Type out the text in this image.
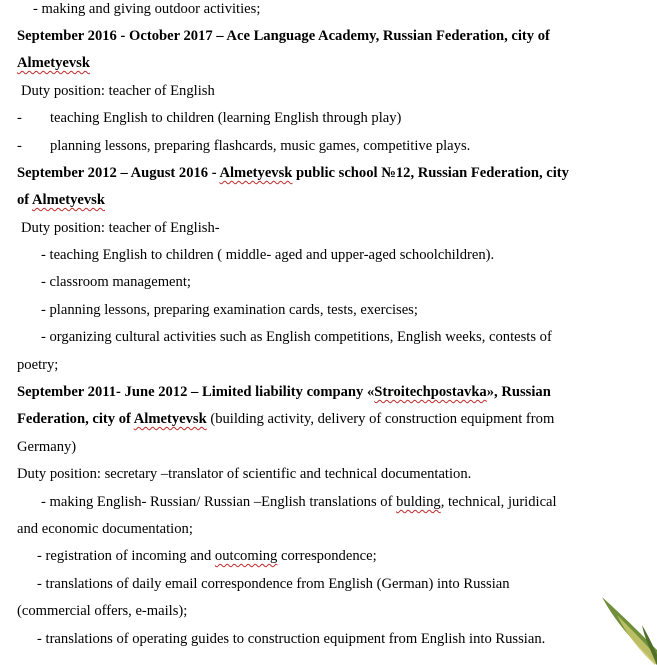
- making and giving outdoor activities;
September 2016 - October 2017 – Ace Language Academy, Russian Federation, city of
Almetyevsk
Duty position: teacher of English
- teaching English to children (learning English through play)
- planning lessons, preparing flashcards, music games, competitive plays.
September 2012 – August 2016 - Almetyevsk public school №12, Russian Federation, city
of Almetyevsk
Duty position: teacher of English-
- teaching English to children ( middle- aged and upper-aged schoolchildren).
- classroom management;
- planning lessons, preparing examination cards, tests, exercises;
- organizing cultural activities such as English competitions, English weeks, contests of
poetry;
September 2011- June 2012 – Limited liability company «Stroitechpostavka», Russian
Federation, city of Almetyevsk (building activity, delivery of construction equipment from
Germany)
Duty position: secretary –translator of scientific and technical documentation.
- making English- Russian/ Russian –English translations of bulding, technical, juridical
and economic documentation;
- registration of incoming and outcoming correspondence;
- translations of daily email correspondence from English (German) into Russian
(commercial offers, e-mails);
- translations of operating guides to construction equipment from English into Russian.
